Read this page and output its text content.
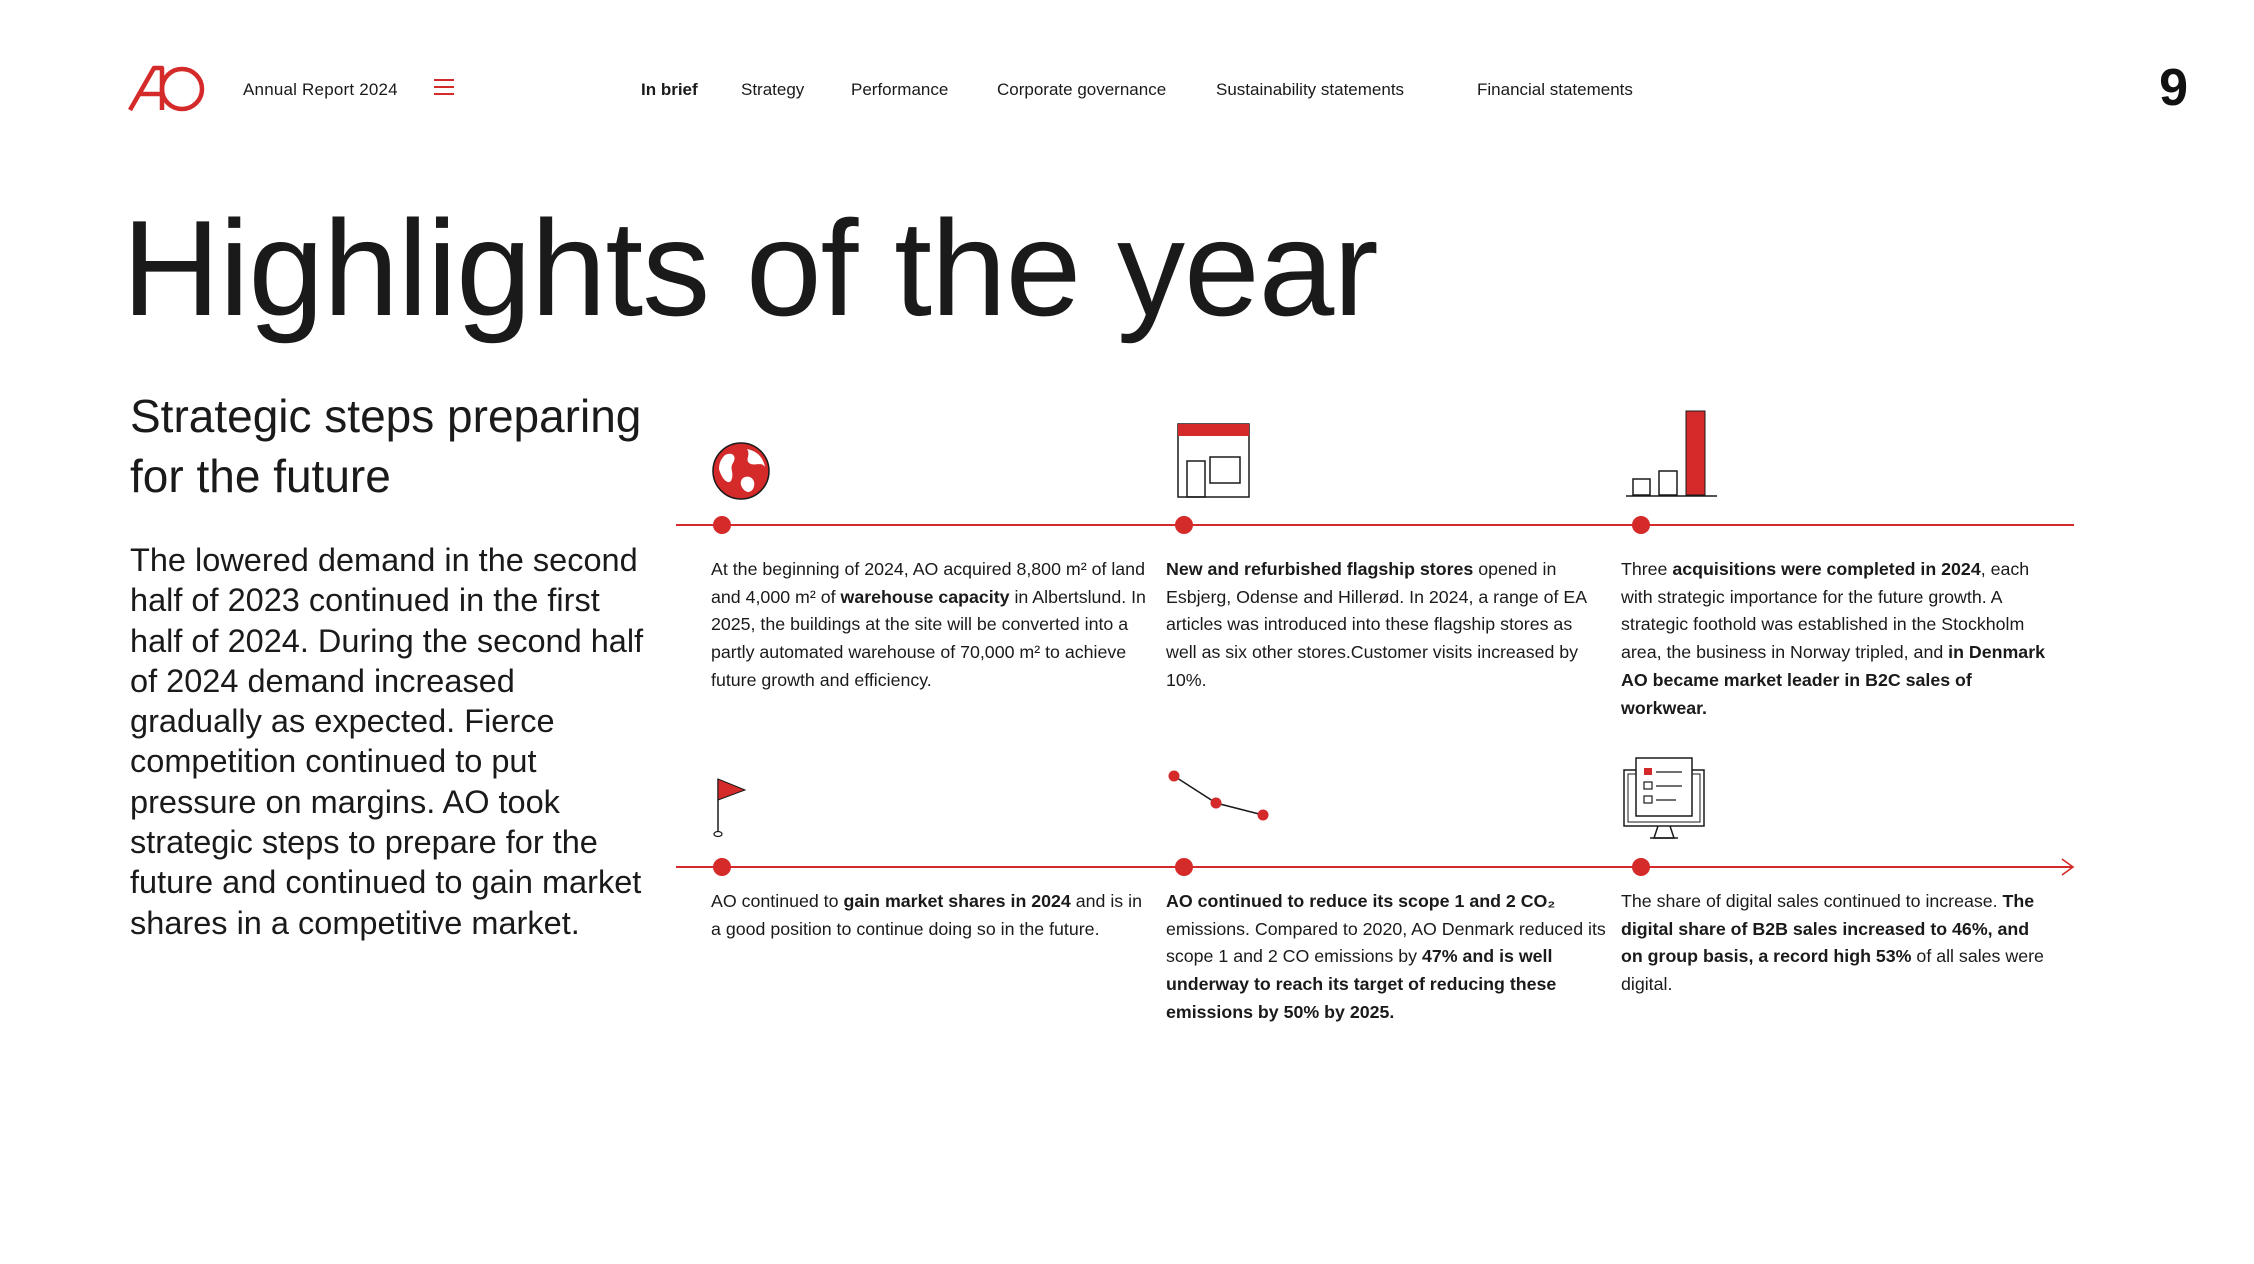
Annual Report 2024	In brief	Strategy	Performance	Corporate governance	Sustainability statements	Financial statements	9
Highlights of the year
Strategic steps preparing for the future
The lowered demand in the second half of 2023 continued in the first half of 2024. During the second half of 2024 demand increased gradually as expected. Fierce competition continued to put pressure on margins. AO took strategic steps to prepare for the future and continued to gain market shares in a competitive market.
At the beginning of 2024, AO acquired 8,800 m² of land and 4,000 m² of warehouse capacity in Albertslund. In 2025, the buildings at the site will be converted into a partly automated warehouse of 70,000 m² to achieve future growth and efficiency.
New and refurbished flagship stores opened in Esbjerg, Odense and Hillerød. In 2024, a range of EA articles was introduced into these flagship stores as well as six other stores.Customer visits increased by 10%.
Three acquisitions were completed in 2024, each with strategic importance for the future growth. A strategic foothold was established in the Stockholm area, the business in Norway tripled, and in Denmark AO became market leader in B2C sales of workwear.
AO continued to gain market shares in 2024 and is in a good position to continue doing so in the future.
AO continued to reduce its scope 1 and 2 CO₂ emissions. Compared to 2020, AO Denmark reduced its scope 1 and 2 CO emissions by 47% and is well underway to reach its target of reducing these emissions by 50% by 2025.
The share of digital sales continued to increase. The digital share of B2B sales increased to 46%, and on group basis, a record high 53% of all sales were digital.
